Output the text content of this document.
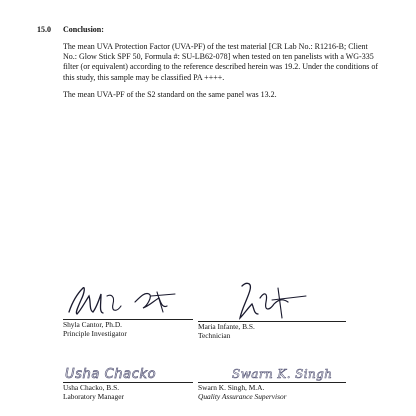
15.0 Conclusion:

The mean UVA Protection Factor (UVA-PF) of the test material [CR Lab No.: R1216-B; Client No.: Glow Stick SPF 50, Formula #: SU-LB62-078] when tested on ten panelists with a WG-335 filter (or equivalent) according to the reference described herein was 19.2. Under the conditions of this study, this sample may be classified PA ++++.

The mean UVA-PF of the S2 standard on the same panel was 13.2.

Shyla Cantor, Ph.D.
Principle Investigator
Maria Infante, B.S.
Technician
Usha Chacko
Usha Chacko, B.S.
Laboratory Manager
Swarn K. Singh
Swarn K. Singh, M.A.
Quality Assurance Supervisor
